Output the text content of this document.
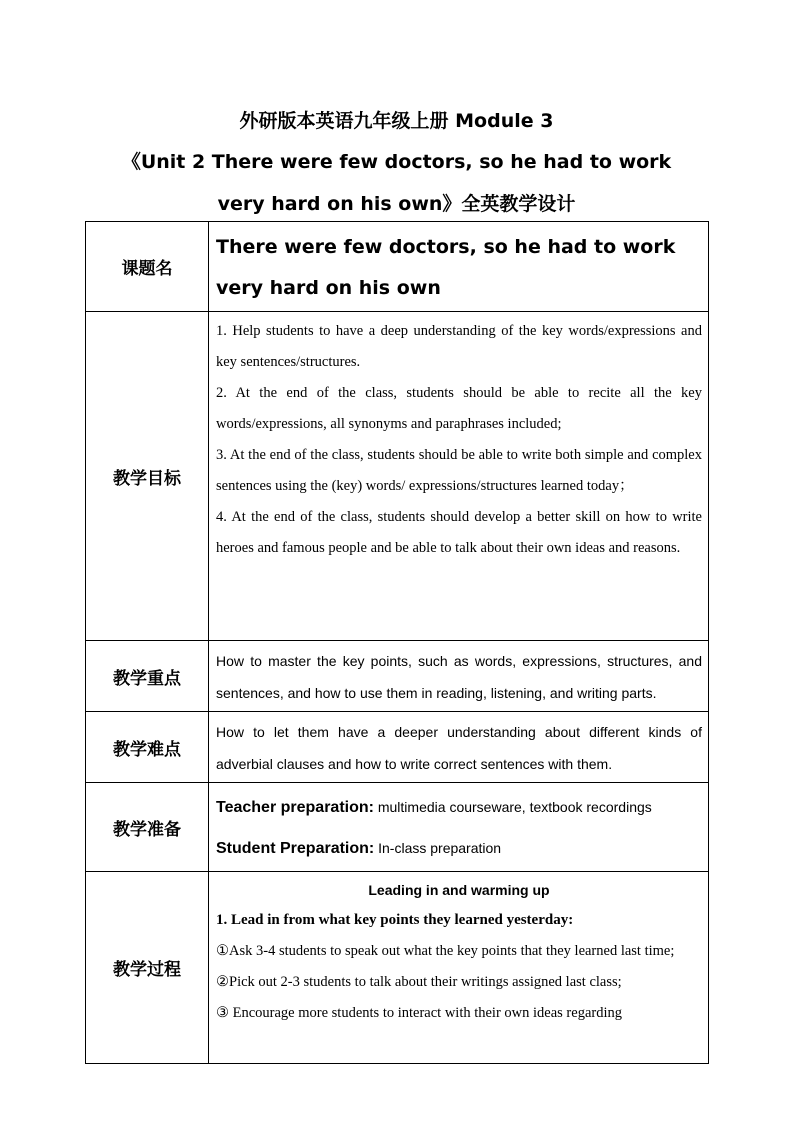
外研版本英语九年级上册 Module 3
《Unit 2 There were few doctors, so he had to work
very hard on his own》全英教学设计
课题名	There were few doctors, so he had to work very hard on his own

教学目标	1. Help students to have a deep understanding of the key words/expressions and key sentences/structures.

2. At the end of the class, students should be able to recite all the key words/expressions, all synonyms and paraphrases included;

3. At the end of the class, students should be able to write both simple and complex sentences using the (key) words/ expressions/structures learned today；

4. At the end of the class, students should develop a better skill on how to write heroes and famous people and be able to talk about their own ideas and reasons.

教学重点	How to master the key points, such as words, expressions, structures, and sentences, and how to use them in reading, listening, and writing parts.

教学难点	How to let them have a deeper understanding about different kinds of adverbial clauses and how to write correct sentences with them.

教学准备	Teacher preparation: multimedia courseware, textbook recordings

Student Preparation: In-class preparation

教学过程	Leading in and warming up
1. Lead in from what key points they learned yesterday:

①Ask 3-4 students to speak out what the key points that they learned last time;

②Pick out 2-3 students to talk about their writings assigned last class;

③ Encourage more students to interact with their own ideas regarding
